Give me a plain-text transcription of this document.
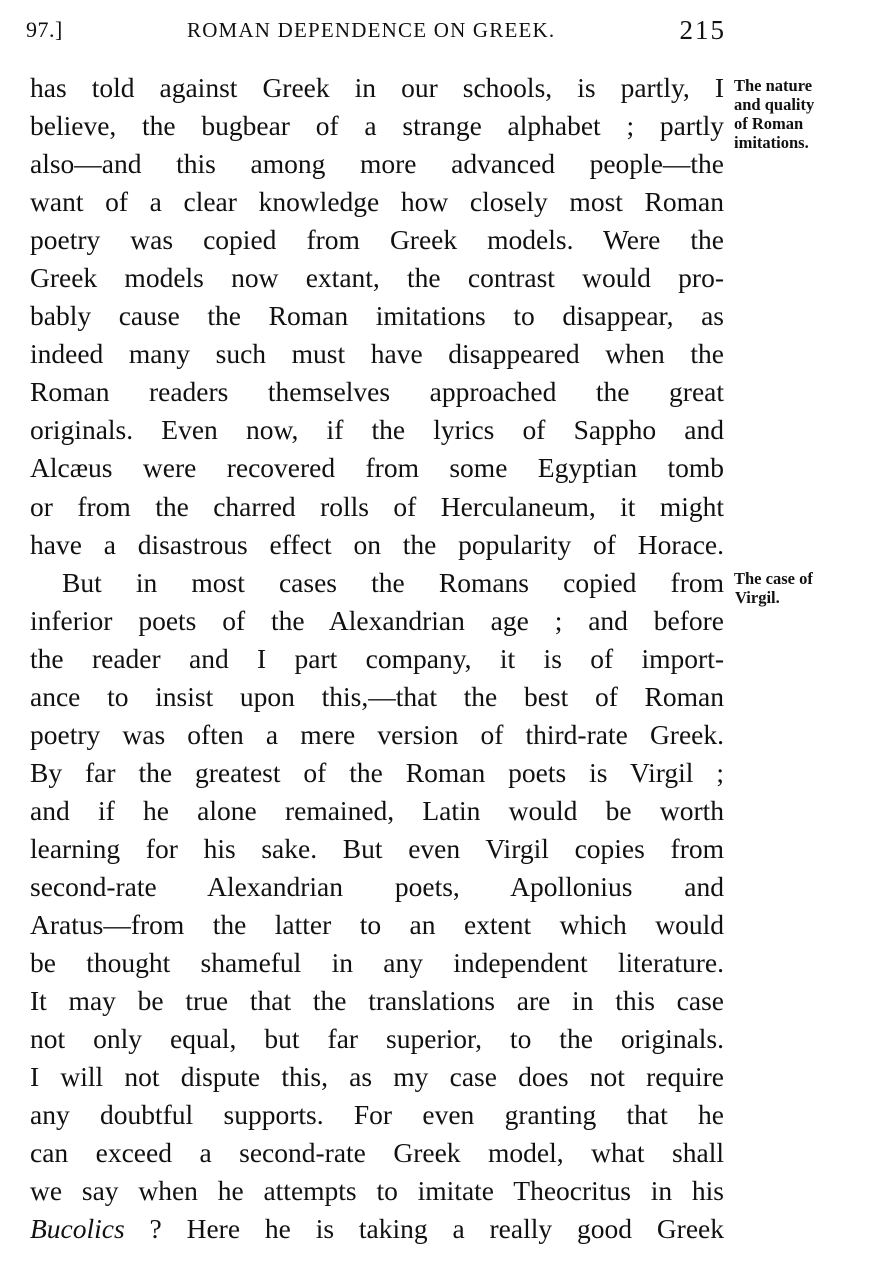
97.]	ROMAN DEPENDENCE ON GREEK.	215
has told against Greek in our schools, is partly, I
believe, the bugbear of a strange alphabet ; partly
also—and this among more advanced people—the
want of a clear knowledge how closely most Roman
poetry was copied from Greek models. Were the
Greek models now extant, the contrast would pro-
bably cause the Roman imitations to disappear, as
indeed many such must have disappeared when the
Roman readers themselves approached the great
originals. Even now, if the lyrics of Sappho and
Alcæus were recovered from some Egyptian tomb
or from the charred rolls of Herculaneum, it might
have a disastrous effect on the popularity of Horace.
But in most cases the Romans copied from
inferior poets of the Alexandrian age ; and before
the reader and I part company, it is of import-
ance to insist upon this,—that the best of Roman
poetry was often a mere version of third-rate Greek.
By far the greatest of the Roman poets is Virgil ;
and if he alone remained, Latin would be worth
learning for his sake. But even Virgil copies from
second-rate Alexandrian poets, Apollonius and
Aratus—from the latter to an extent which would
be thought shameful in any independent literature.
It may be true that the translations are in this case
not only equal, but far superior, to the originals.
I will not dispute this, as my case does not require
any doubtful supports. For even granting that he
can exceed a second-rate Greek model, what shall
we say when he attempts to imitate Theocritus in his
Bucolics ? Here he is taking a really good Greek
The nature
and quality
of Roman
imitations.
The case of
Virgil.
